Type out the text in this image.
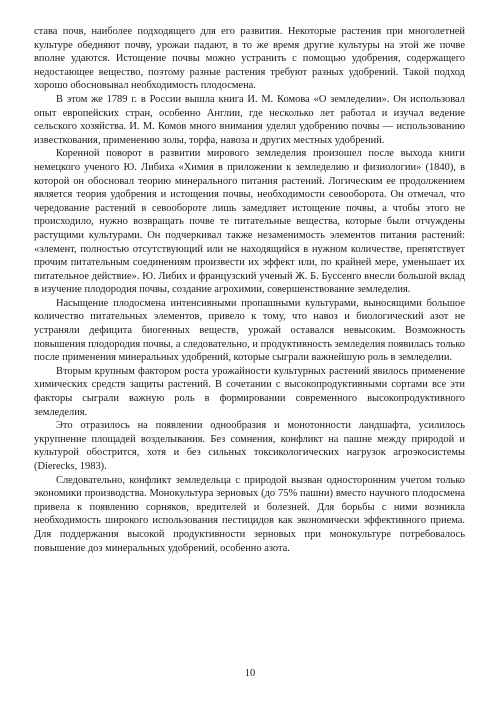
става почв, наиболее подходящего для его развития. Некоторые растения при многолетней культуре обедняют почву, урожаи падают, в то же время другие культуры на этой же почве вполне удаются. Истощение почвы можно устранить с помощью удобрения, содержащего недостающее вещество, поэтому разные растения требуют разных удобрений. Такой подход хорошо обосновывал необходимость плодосмена.

В этом же 1789 г. в России вышла книга И. М. Комова «О земледелии». Он использовал опыт европейских стран, особенно Англии, где несколько лет работал и изучал ведение сельского хозяйства. И. М. Комов много внимания уделял удобрению почвы — использованию известкования, применению золы, торфа, навоза и других местных удобрений.

Коренной поворот в развитии мирового земледелия произошел после выхода книги немецкого ученого Ю. Либиха «Химия в приложении к земледелию и физиологии» (1840), в которой он обосновал теорию минерального питания растений. Логическим ее продолжением является теория удобрения и истощения почвы, необходимости севооборота. Он отмечал, что чередование растений в севообороте лишь замедляет истощение почвы, а чтобы этого не происходило, нужно возвращать почве те питательные вещества, которые были отчуждены растущими культурами. Он подчеркивал также незаменимость элементов питания растений: «элемент, полностью отсутствующий или не находящийся в нужном количестве, препятствует прочим питательным соединениям произвести их эффект или, по крайней мере, уменьшает их питательное действие». Ю. Либих и французский ученый Ж. Б. Буссенго внесли большой вклад в изучение плодородия почвы, создание агрохимии, совершенствование земледелия.

Насыщение плодосмена интенсивными пропашными культурами, выносящими большое количество питательных элементов, привело к тому, что навоз и биологический азот не устраняли дефицита биогенных веществ, урожай оставался невысоким. Возможность повышения плодородия почвы, а следовательно, и продуктивность земледелия появилась только после применения минеральных удобрений, которые сыграли важнейшую роль в земледелии.

Вторым крупным фактором роста урожайности культурных растений явилось применение химических средств защиты растений. В сочетании с высокопродуктивными сортами все эти факторы сыграли важную роль в формировании современного высокопродуктивного земледелия.

Это отразилось на появлении однообразия и монотонности ландшафта, усилилось укрупнение площадей возделывания. Без сомнения, конфликт на пашне между природой и культурой обострится, хотя и без сильных токсикологических нагрузок агроэкосистемы (Dierecks, 1983).

Следовательно, конфликт земледельца с природой вызван односторонним учетом только экономики производства. Монокультура зерновых (до 75% пашни) вместо научного плодосмена привела к появлению сорняков, вредителей и болезней. Для борьбы с ними возникла необходимость широкого использования пестицидов как экономически эффективного приема. Для поддержания высокой продуктивности зерновых при монокультуре потребовалось повышение доз минеральных удобрений, особенно азота.

10
